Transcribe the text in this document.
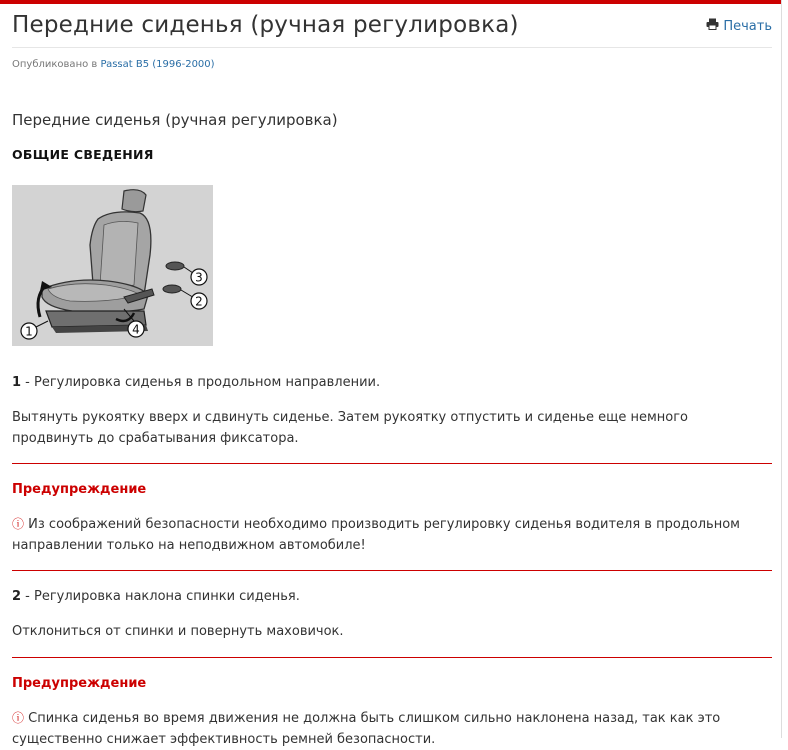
Передние сиденья (ручная регулировка)	Печать
Опубликовано в Passat B5 (1996-2000)
Передние сиденья (ручная регулировка)
ОБЩИЕ СВЕДЕНИЯ
3
2
4
1

1 - Регулировка сиденья в продольном направлении.

Вытянуть рукоятку вверх и сдвинуть сиденье. Затем рукоятку отпустить и сиденье еще немного продвинуть до срабатывания фиксатора.

Предупреждение

ⓘ Из соображений безопасности необходимо производить регулировку сиденья водителя в продольном направлении только на неподвижном автомобиле!

2 - Регулировка наклона спинки сиденья.

Отклониться от спинки и повернуть маховичок.

Предупреждение

ⓘ Спинка сиденья во время движения не должна быть слишком сильно наклонена назад, так как это существенно снижает эффективность ремней безопасности.
